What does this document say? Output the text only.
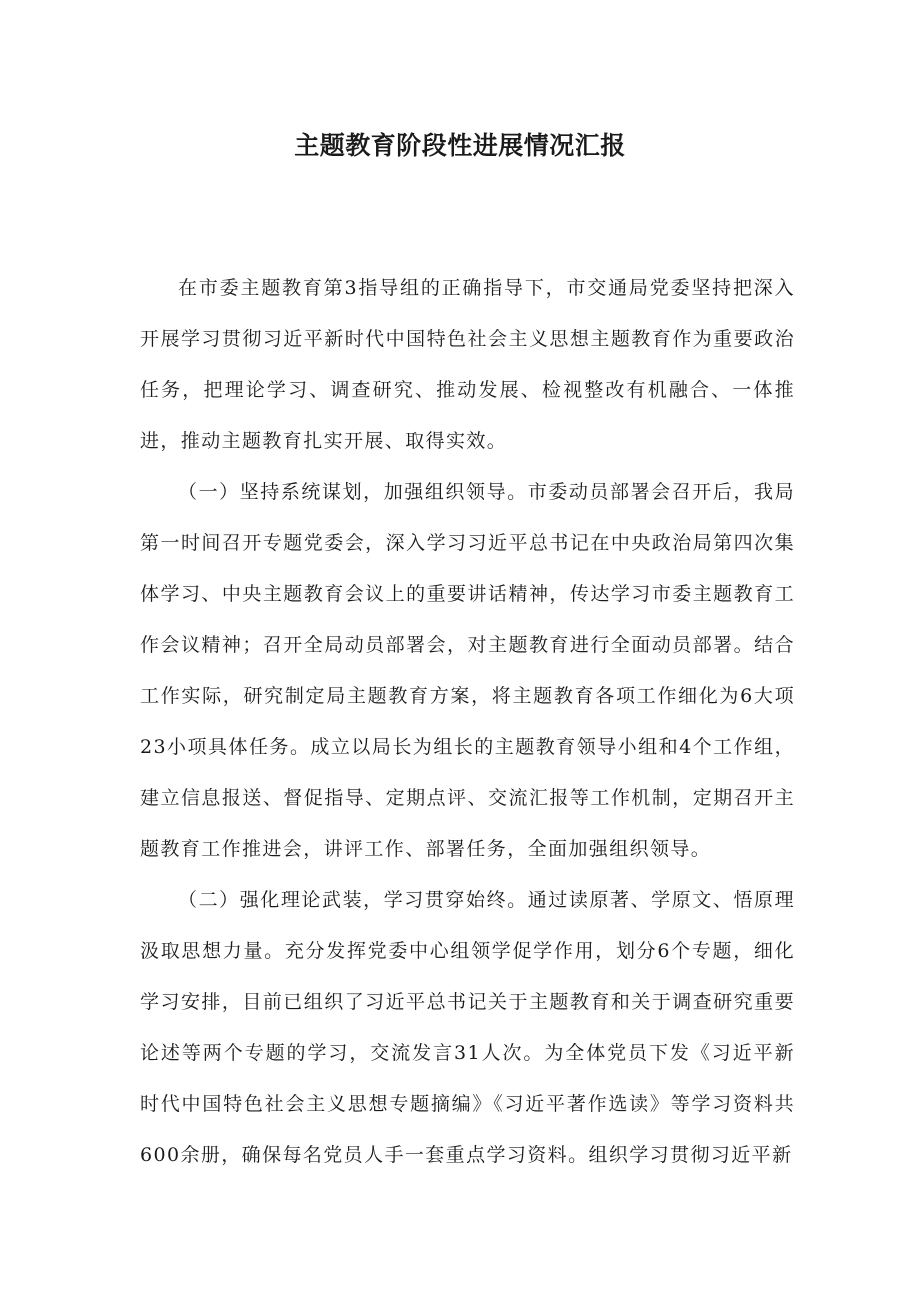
主题教育阶段性进展情况汇报

在市委主题教育第3指导组的正确指导下，市交通局党委坚持把深入开展学习贯彻习近平新时代中国特色社会主义思想主题教育作为重要政治任务，把理论学习、调查研究、推动发展、检视整改有机融合、一体推进，推动主题教育扎实开展、取得实效。

（一）坚持系统谋划，加强组织领导。市委动员部署会召开后，我局第一时间召开专题党委会，深入学习习近平总书记在中央政治局第四次集体学习、中央主题教育会议上的重要讲话精神，传达学习市委主题教育工作会议精神；召开全局动员部署会，对主题教育进行全面动员部署。结合工作实际，研究制定局主题教育方案，将主题教育各项工作细化为6大项23小项具体任务。成立以局长为组长的主题教育领导小组和4个工作组，建立信息报送、督促指导、定期点评、交流汇报等工作机制，定期召开主题教育工作推进会，讲评工作、部署任务，全面加强组织领导。

（二）强化理论武装，学习贯穿始终。通过读原著、学原文、悟原理汲取思想力量。充分发挥党委中心组领学促学作用，划分6个专题，细化学习安排，目前已组织了习近平总书记关于主题教育和关于调查研究重要论述等两个专题的学习，交流发言31人次。为全体党员下发《习近平新时代中国特色社会主义思想专题摘编》《习近平著作选读》等学习资料共600余册，确保每名党员人手一套重点学习资料。组织学习贯彻习近平新
